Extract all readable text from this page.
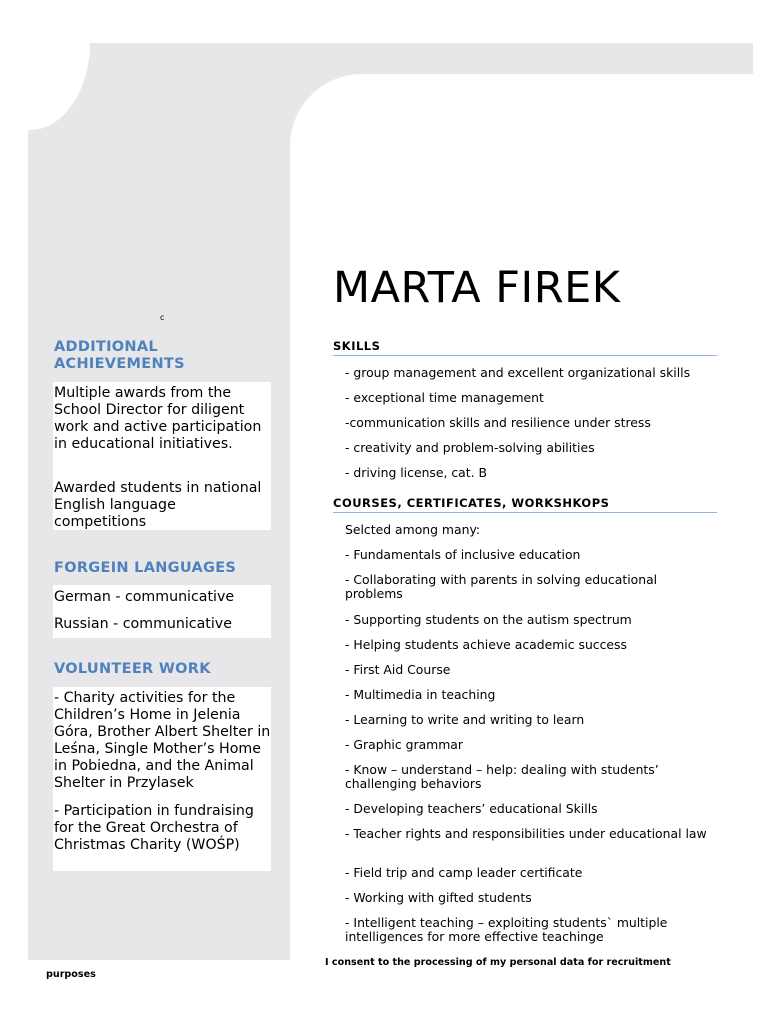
MARTA FIREK
c
ADDITIONAL
ACHIEVEMENTS

Multiple awards from the School Director for diligent work and active participation in educational initiatives.

Awarded students in national English language competitions

FORGEIN LANGUAGES

German - communicative

Russian - communicative

VOLUNTEER WORK

- Charity activities for the Children’s Home in Jelenia Góra, Brother Albert Shelter in Leśna, Single Mother’s Home in Pobiedna, and the Animal Shelter in Przylasek

- Participation in fundraising for the Great Orchestra of Christmas Charity (WOŚP)

SKILLS

- group management and excellent organizational skills

- exceptional time management

-communication skills and resilience under stress

- creativity and problem-solving abilities

- driving license, cat. B

COURSES, CERTIFICATES, WORKSHKOPS

Selcted among many:

- Fundamentals of inclusive education

- Collaborating with parents in solving educational problems

- Supporting students on the autism spectrum

- Helping students achieve academic success

- First Aid Course

- Multimedia in teaching

- Learning to write and writing to learn

- Graphic grammar

- Know – understand – help: dealing with students’ challenging behaviors

- Developing teachers’ educational Skills

- Teacher rights and responsibilities under educational law

- Field trip and camp leader certificate

- Working with gifted students

- Intelligent teaching – exploiting students` multiple intelligences for more effective teachinge

I consent to the processing of my personal data for recruitment

purposes
